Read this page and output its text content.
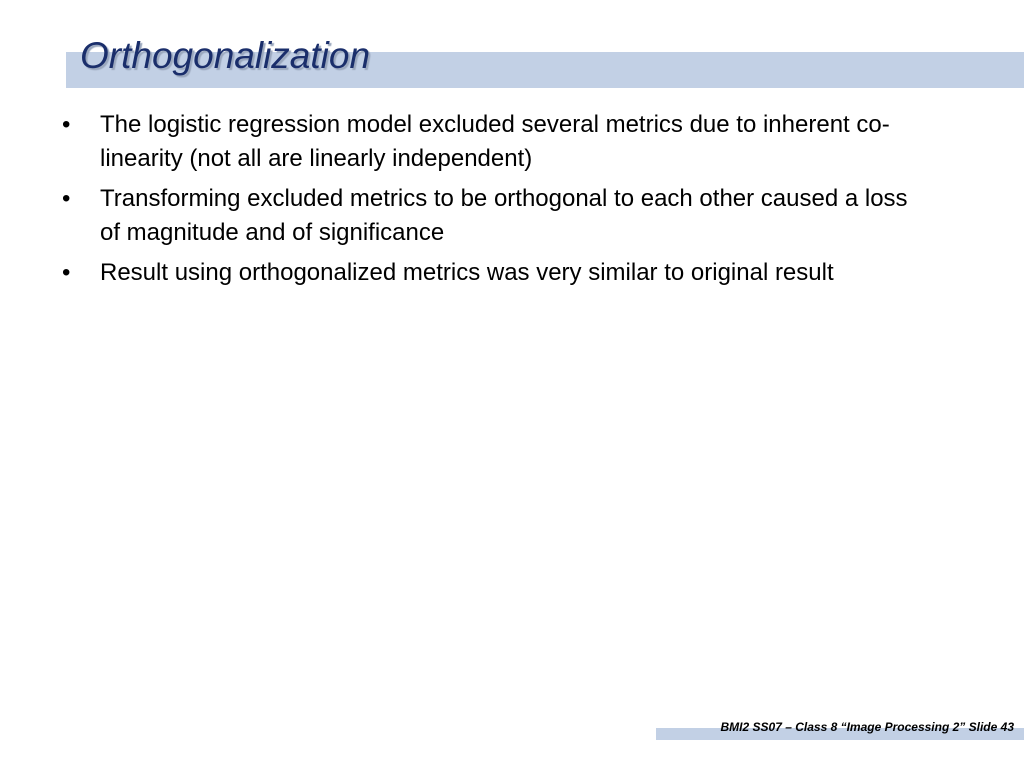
Orthogonalization
•	The logistic regression model excluded several metrics due to inherent co-linearity (not all are linearly independent)
•	Transforming excluded metrics to be orthogonal to each other caused a loss of magnitude and of significance
•	Result using orthogonalized metrics was very similar to original result
BMI2 SS07 – Class 8 “Image Processing 2” Slide 43
